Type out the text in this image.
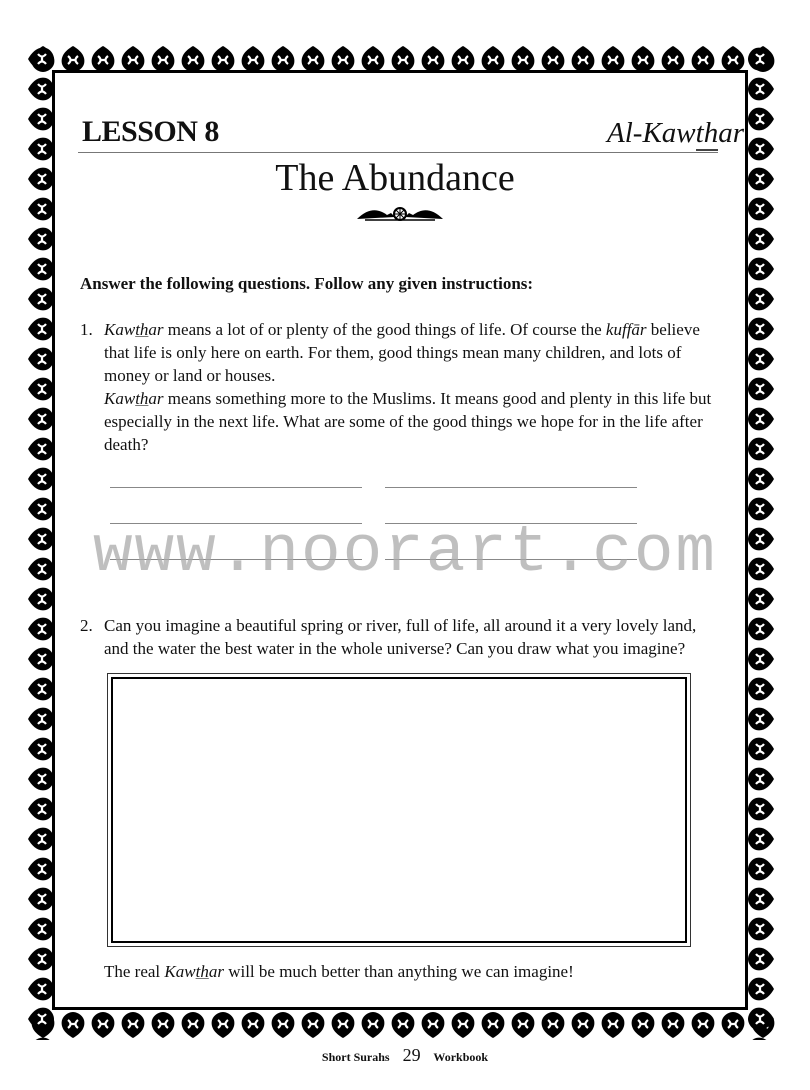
LESSON 8	Al-Kawthar
The Abundance
Answer the following questions. Follow any given instructions:
1. Kawthar means a lot of or plenty of the good things of life. Of course the kuffār believe that life is only here on earth. For them, good things mean many children, and lots of money or land or houses.

Kawthar means something more to the Muslims. It means good and plenty in this life but especially in the next life. What are some of the good things we hope for in the life after death?

2. Can you imagine a beautiful spring or river, full of life, all around it a very lovely land, and the water the best water in the whole universe? Can you draw what you imagine?
The real Kawthar will be much better than anything we can imagine!
www.noorart.com
Short Surahs 29 Workbook
